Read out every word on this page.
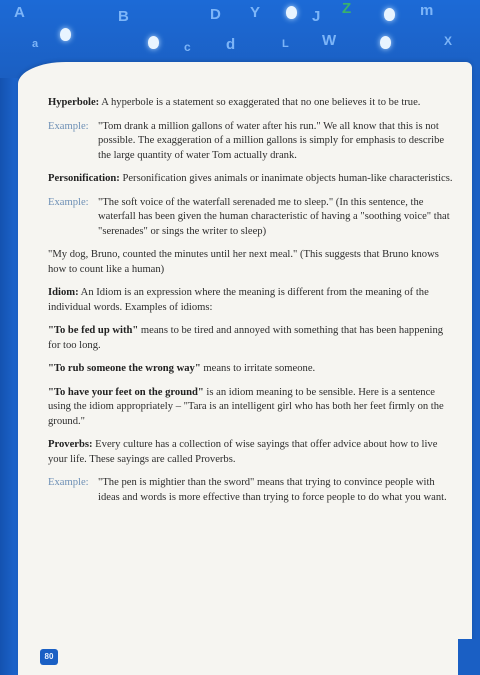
A	B	D Y	J Z	m
a	c d	L W	X

Hyperbole: A hyperbole is a statement so exaggerated that no one believes it to be true.

Example: "Tom drank a million gallons of water after his run." We all know that this is not possible. The exaggeration of a million gallons is simply for emphasis to describe the large quantity of water Tom actually drank.

Personification: Personification gives animals or inanimate objects human-like characteristics.

Example: "The soft voice of the waterfall serenaded me to sleep." (In this sentence, the waterfall has been given the human characteristic of having a "soothing voice" that "serenades" or sings the writer to sleep)

"My dog, Bruno, counted the minutes until her next meal." (This suggests that Bruno knows how to count like a human)

Idiom: An Idiom is an expression where the meaning is different from the meaning of the individual words. Examples of idioms:

"To be fed up with" means to be tired and annoyed with something that has been happening for too long.

"To rub someone the wrong way" means to irritate someone.

"To have your feet on the ground" is an idiom meaning to be sensible. Here is a sentence using the idiom appropriately – "Tara is an intelligent girl who has both her feet firmly on the ground."

Proverbs: Every culture has a collection of wise sayings that offer advice about how to live your life. These sayings are called Proverbs.

Example: "The pen is mightier than the sword" means that trying to convince people with ideas and words is more effective than trying to force people to do what you want.

80
